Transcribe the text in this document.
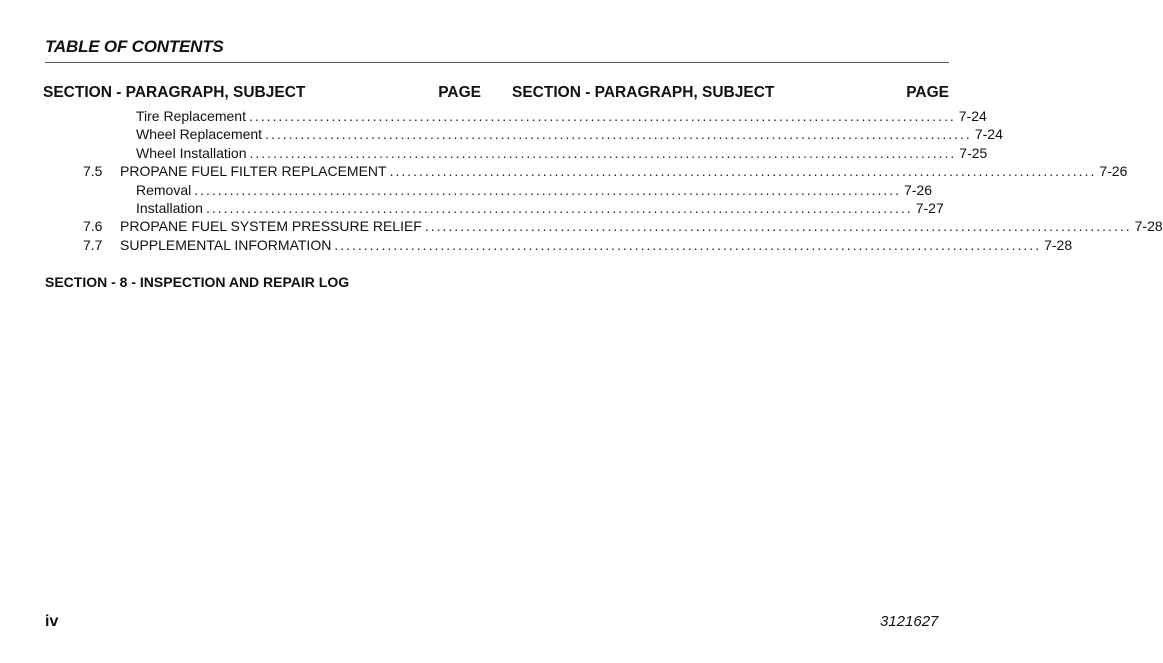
TABLE OF CONTENTS
SECTION - PARAGRAPH, SUBJECT	PAGE SECTION - PARAGRAPH, SUBJECT	PAGE
Tire Replacement ........................................................................................................................ 7-24
Wheel Replacement ........................................................................................................................ 7-24
Wheel Installation ........................................................................................................................ 7-25
7.5	PROPANE FUEL FILTER REPLACEMENT ........................................................................................................................ 7-26
Removal ........................................................................................................................ 7-26
Installation ........................................................................................................................ 7-27
7.6	PROPANE FUEL SYSTEM PRESSURE RELIEF ........................................................................................................................ 7-28
7.7	SUPPLEMENTAL INFORMATION ........................................................................................................................ 7-28
SECTION - 8 - INSPECTION AND REPAIR LOG
iv	3121627
